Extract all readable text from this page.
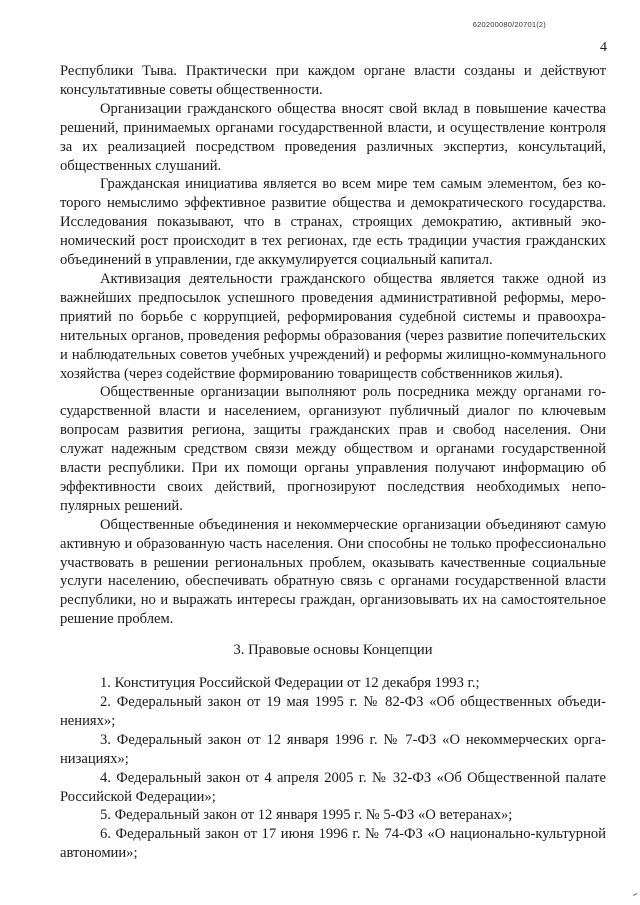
620200080/20701(2)
4

Республики Тыва. Практически при каждом органе власти созданы и действуют консультативные советы общественности.

Организации гражданского общества вносят свой вклад в повышение качества решений, принимаемых органами государственной власти, и осуществление контроля за их реализацией посредством проведения различных экспертиз, консультаций, общественных слушаний.

Гражданская инициатива является во всем мире тем самым элементом, без которого немыслимо эффективное развитие общества и демократического государства. Исследования показывают, что в странах, строящих демократию, активный экономический рост происходит в тех регионах, где есть традиции участия гражданских объединений в управлении, где аккумулируется социальный капитал.

Активизация деятельности гражданского общества является также одной из важнейших предпосылок успешного проведения административной реформы, мероприятий по борьбе с коррупцией, реформирования судебной системы и правоохранительных органов, проведения реформы образования (через развитие попечительских и наблюдательных советов учебных учреждений) и реформы жилищно-коммунального хозяйства (через содействие формированию товариществ собственников жилья).

Общественные организации выполняют роль посредника между органами государственной власти и населением, организуют публичный диалог по ключевым вопросам развития региона, защиты гражданских прав и свобод населения. Они служат надежным средством связи между обществом и органами государственной власти республики. При их помощи органы управления получают информацию об эффективности своих действий, прогнозируют последствия необходимых непопулярных решений.

Общественные объединения и некоммерческие организации объединяют самую активную и образованную часть населения. Они способны не только профессионально участвовать в решении региональных проблем, оказывать качественные социальные услуги населению, обеспечивать обратную связь с органами государственной власти республики, но и выражать интересы граждан, организовывать их на самостоятельное решение проблем.

3. Правовые основы Концепции

1. Конституция Российской Федерации от 12 декабря 1993 г.;

2. Федеральный закон от 19 мая 1995 г. № 82-ФЗ «Об общественных объединениях»;

3. Федеральный закон от 12 января 1996 г. № 7-ФЗ «О некоммерческих организациях»;

4. Федеральный закон от 4 апреля 2005 г. № 32-ФЗ «Об Общественной палате Российской Федерации»;

5. Федеральный закон от 12 января 1995 г. № 5-ФЗ «О ветеранах»;

6. Федеральный закон от 17 июня 1996 г. № 74-ФЗ «О национально-культурной автономии»;
